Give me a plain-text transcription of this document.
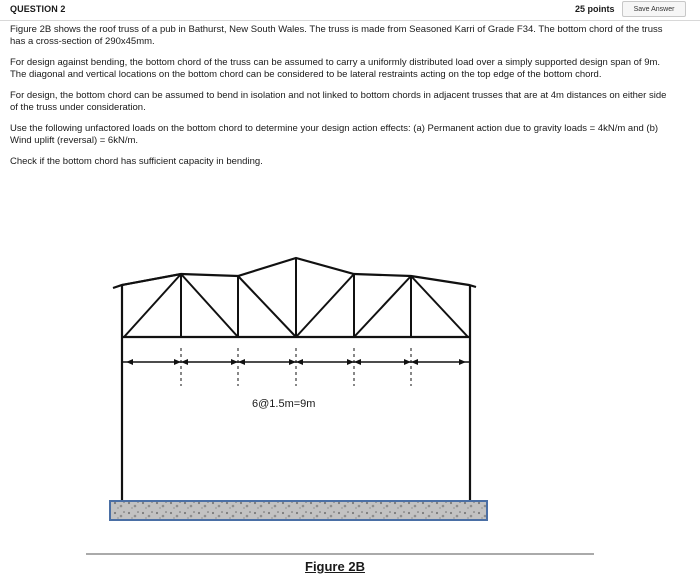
QUESTION 2	25 points	Save Answer

Figure 2B shows the roof truss of a pub in Bathurst, New South Wales. The truss is made from Seasoned Karri of Grade F34. The bottom chord of the truss has a cross-section of 290x45mm.

For design against bending, the bottom chord of the truss can be assumed to carry a uniformly distributed load over a simply supported design span of 9m. The diagonal and vertical locations on the bottom chord can be considered to be lateral restraints acting on the top edge of the bottom chord.

For design, the bottom chord can be assumed to bend in isolation and not linked to bottom chords in adjacent trusses that are at 4m distances on either side of the truss under consideration.

Use the following unfactored loads on the bottom chord to determine your design action effects: (a) Permanent action due to gravity loads = 4kN/m and (b) Wind uplift (reversal) = 6kN/m.

Check if the bottom chord has sufficient capacity in bending.

6@1.5m=9m
Figure 2B
